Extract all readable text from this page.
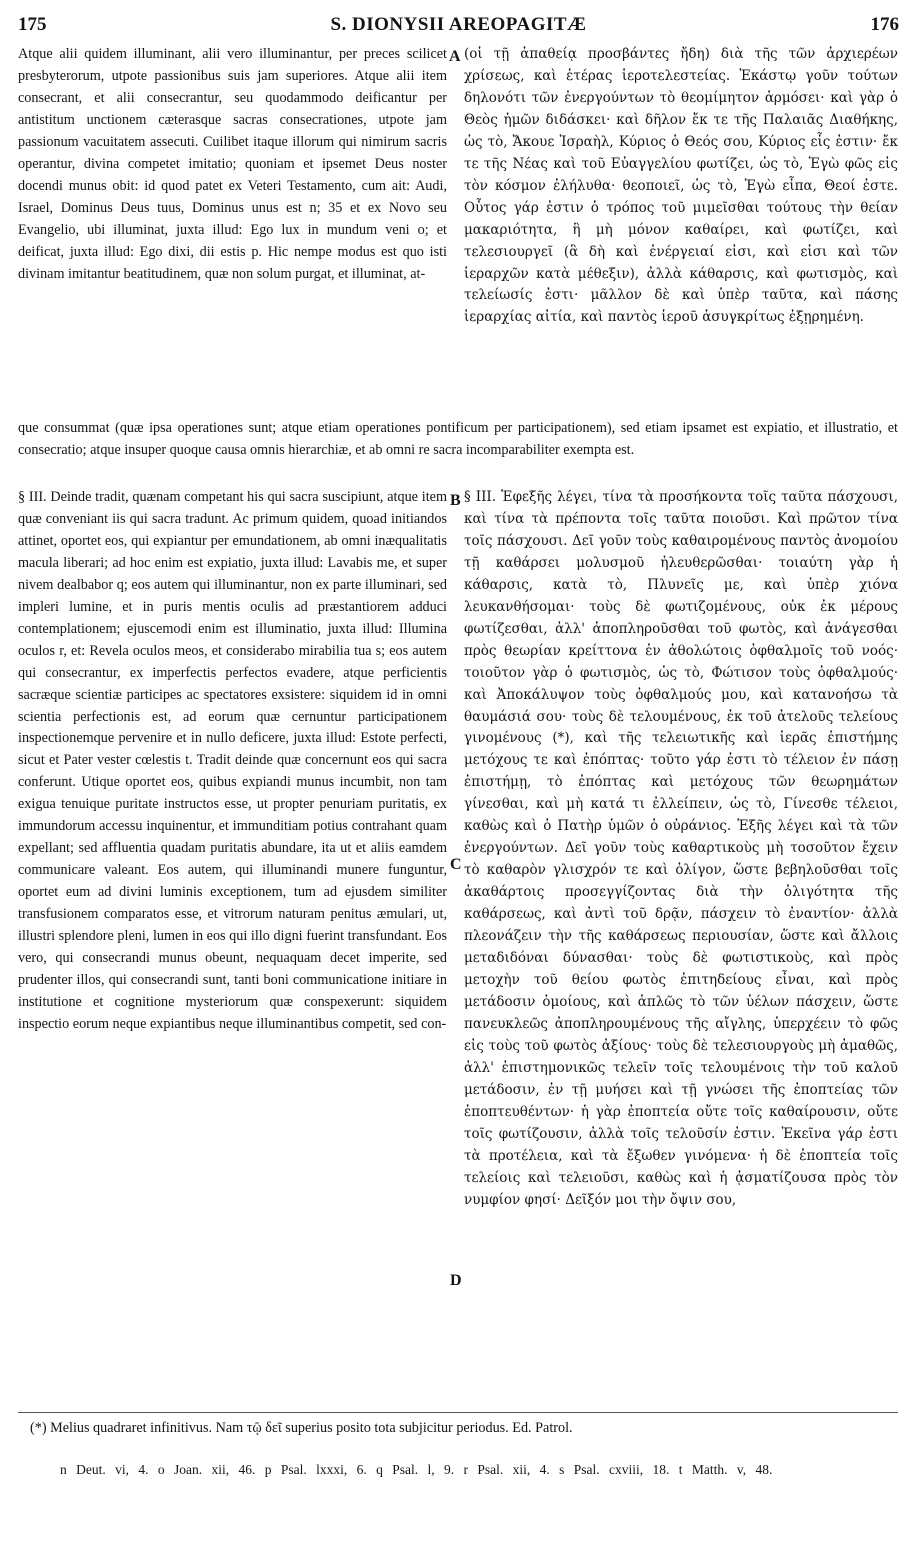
175	S. DIONYSII AREOPAGITÆ	176
A
B
C
D

Atque alii quidem illuminant, alii vero illuminantur, per preces scilicet presbyterorum, utpote passionibus suis jam superiores. Atque alii item consecrant, et alii consecrantur, seu quodammodo deificantur per antistitum unctionem cæterasque sacras consecrationes, utpote jam passionum vacuitatem assecuti. Cuilibet itaque illorum qui nimirum sacris operantur, divina competet imitatio; quoniam et ipsemet Deus noster docendi munus obit: id quod patet ex Veteri Testamento, cum ait: Audi, Israel, Dominus Deus tuus, Dominus unus est n; 35 et ex Novo seu Evangelio, ubi illuminat, juxta illud: Ego lux in mundum veni o; et deificat, juxta illud: Ego dixi, dii estis p. Hic nempe modus est quo isti divinam imitantur beatitudinem, quæ non solum purgat, et illuminat, at-

(οἱ τῇ ἀπαθείᾳ προσβάντες ἤδη) διὰ τῆς τῶν ἀρχιερέων χρίσεως, καὶ ἑτέρας ἱεροτελεστείας. Ἑκάστῳ γοῦν τούτων δηλονότι τῶν ἐνεργούντων τὸ θεομίμητον ἁρμόσει· καὶ γὰρ ὁ Θεὸς ἡμῶν διδάσκει· καὶ δῆλον ἔκ τε τῆς Παλαιᾶς Διαθήκης, ὡς τὸ, Ἄκουε Ἰσραὴλ, Κύριος ὁ Θεός σου, Κύριος εἷς ἐστιν· ἔκ τε τῆς Νέας καὶ τοῦ Εὐαγγελίου φωτίζει, ὡς τὸ, Ἐγὼ φῶς εἰς τὸν κόσμον ἐλήλυθα· θεοποιεῖ, ὡς τὸ, Ἐγὼ εἶπα, Θεοί ἐστε. Οὗτος γάρ ἐστιν ὁ τρόπος τοῦ μιμεῖσθαι τούτους τὴν θείαν μακαριότητα, ἣ μὴ μόνον καθαίρει, καὶ φωτίζει, καὶ τελεσιουργεῖ (ἃ δὴ καὶ ἐνέργειαί εἰσι, καὶ εἰσι καὶ τῶν ἱεραρχῶν κατὰ μέθεξιν), ἀλλὰ κάθαρσις, καὶ φωτισμὸς, καὶ τελείωσίς ἐστι· μᾶλλον δὲ καὶ ὑπὲρ ταῦτα, καὶ πάσης ἱεραρχίας αἰτία, καὶ παντὸς ἱεροῦ ἀσυγκρίτως ἐξῃρημένη.

que consummat (quæ ipsa operationes sunt; atque etiam operationes pontificum per participationem), sed etiam ipsamet est expiatio, et illustratio, et consecratio; atque insuper quoque causa omnis hierarchiæ, et ab omni re sacra incomparabiliter exempta est.

§ III. Deinde tradit, quænam competant his qui sacra suscipiunt, atque item quæ conveniant iis qui sacra tradunt. Ac primum quidem, quoad initiandos attinet, oportet eos, qui expiantur per emundationem, ab omni inæqualitatis macula liberari; ad hoc enim est expiatio, juxta illud: Lavabis me, et super nivem dealbabor q; eos autem qui illuminantur, non ex parte illuminari, sed impleri lumine, et in puris mentis oculis ad præstantiorem adduci contemplationem; ejuscemodi enim est illuminatio, juxta illud: Illumina oculos r, et: Revela oculos meos, et considerabo mirabilia tua s; eos autem qui consecrantur, ex imperfectis perfectos evadere, atque perficientis sacræque scientiæ participes ac spectatores exsistere: siquidem id in omni scientia perfectionis est, ad eorum quæ cernuntur participationem inspectionemque pervenire et in nullo deficere, juxta illud: Estote perfecti, sicut et Pater vester cœlestis t. Tradit deinde quæ concernunt eos qui sacra conferunt. Utique oportet eos, quibus expiandi munus incumbit, non tam exigua tenuique puritate instructos esse, ut propter penuriam puritatis, ex immundorum accessu inquinentur, et immunditiam potius contrahant quam expellant; sed affluentia quadam puritatis abundare, ita ut et aliis eamdem communicare valeant. Eos autem, qui illuminandi munere funguntur, oportet eum ad divini luminis exceptionem, tum ad ejusdem similiter transfusionem comparatos esse, et vitrorum naturam penitus æmulari, ut, illustri splendore pleni, lumen in eos qui illo digni fuerint transfundant. Eos vero, qui consecrandi munus obeunt, nequaquam decet imperite, sed prudenter illos, qui consecrandi sunt, tanti boni communicatione initiare in institutione et cognitione mysteriorum quæ conspexerunt: siquidem inspectio eorum neque expiantibus neque illuminantibus competit, sed con-

§ III. Ἐφεξῆς λέγει, τίνα τὰ προσήκοντα τοῖς ταῦτα πάσχουσι, καὶ τίνα τὰ πρέποντα τοῖς ταῦτα ποιοῦσι. Καὶ πρῶτον τίνα τοῖς πάσχουσι. Δεῖ γοῦν τοὺς καθαιρομένους παντὸς ἀνομοίου τῇ καθάρσει μολυσμοῦ ἠλευθερῶσθαι· τοιαύτη γὰρ ἡ κάθαρσις, κατὰ τὸ, Πλυνεῖς με, καὶ ὑπὲρ χιόνα λευκανθήσομαι· τοὺς δὲ φωτιζομένους, οὐκ ἐκ μέρους φωτίζεσθαι, ἀλλ' ἀποπληροῦσθαι τοῦ φωτὸς, καὶ ἀνάγεσθαι πρὸς θεωρίαν κρείττονα ἐν ἀθολώτοις ὀφθαλμοῖς τοῦ νοός· τοιοῦτον γὰρ ὁ φωτισμὸς, ὡς τὸ, Φώτισον τοὺς ὀφθαλμούς· καὶ Ἀποκάλυψον τοὺς ὀφθαλμούς μου, καὶ κατανοήσω τὰ θαυμάσιά σου· τοὺς δὲ τελουμένους, ἐκ τοῦ ἀτελοῦς τελείους γινομένους (*), καὶ τῆς τελειωτικῆς καὶ ἱερᾶς ἐπιστήμης μετόχους τε καὶ ἐπόπτας· τοῦτο γάρ ἐστι τὸ τέλειον ἐν πάσῃ ἐπιστήμῃ, τὸ ἐπόπτας καὶ μετόχους τῶν θεωρημάτων γίνεσθαι, καὶ μὴ κατά τι ἐλλείπειν, ὡς τὸ, Γίνεσθε τέλειοι, καθὼς καὶ ὁ Πατὴρ ὑμῶν ὁ οὐράνιος. Ἑξῆς λέγει καὶ τὰ τῶν ἐνεργούντων. Δεῖ γοῦν τοὺς καθαρτικοὺς μὴ τοσοῦτον ἔχειν τὸ καθαρὸν γλισχρόν τε καὶ ὀλίγον, ὥστε βεβηλοῦσθαι τοῖς ἀκαθάρτοις προσεγγίζοντας διὰ τὴν ὀλιγότητα τῆς καθάρσεως, καὶ ἀντὶ τοῦ δρᾷν, πάσχειν τὸ ἐναντίον· ἀλλὰ πλεονάζειν τὴν τῆς καθάρσεως περιουσίαν, ὥστε καὶ ἄλλοις μεταδιδόναι δύνασθαι· τοὺς δὲ φωτιστικοὺς, καὶ πρὸς μετοχὴν τοῦ θείου φωτὸς ἐπιτηδείους εἶναι, καὶ πρὸς μετάδοσιν ὁμοίους, καὶ ἁπλῶς τὸ τῶν ὑέλων πάσχειν, ὥστε πανευκλεῶς ἀποπληρουμένους τῆς αἴγλης, ὑπερχέειν τὸ φῶς εἰς τοὺς τοῦ φωτὸς ἀξίους· τοὺς δὲ τελεσιουργοὺς μὴ ἀμαθῶς, ἀλλ' ἐπιστημονικῶς τελεῖν τοῖς τελουμένοις τὴν τοῦ καλοῦ μετάδοσιν, ἐν τῇ μυήσει καὶ τῇ γνώσει τῆς ἐποπτείας τῶν ἐποπτευθέντων· ἡ γὰρ ἐποπτεία οὔτε τοῖς καθαίρουσιν, οὔτε τοῖς φωτίζουσιν, ἀλλὰ τοῖς τελοῦσίν ἐστιν. Ἐκεῖνα γάρ ἐστι τὰ προτέλεια, καὶ τὰ ἔξωθεν γινόμενα· ἡ δὲ ἐποπτεία τοῖς τελείοις καὶ τελειοῦσι, καθὼς καὶ ἡ ᾀσματίζουσα πρὸς τὸν νυμφίον φησί· Δεῖξόν μοι τὴν ὄψιν σου,

(*) Melius quadraret infinitivus. Nam τῷ δεῖ superius posito tota subjicitur periodus. Ed. Patrol.
n Deut. vi, 4. o Joan. xii, 46. p Psal. lxxxi, 6. q Psal. l, 9. r Psal. xii, 4. s Psal. cxviii, 18. t Matth. v, 48.
